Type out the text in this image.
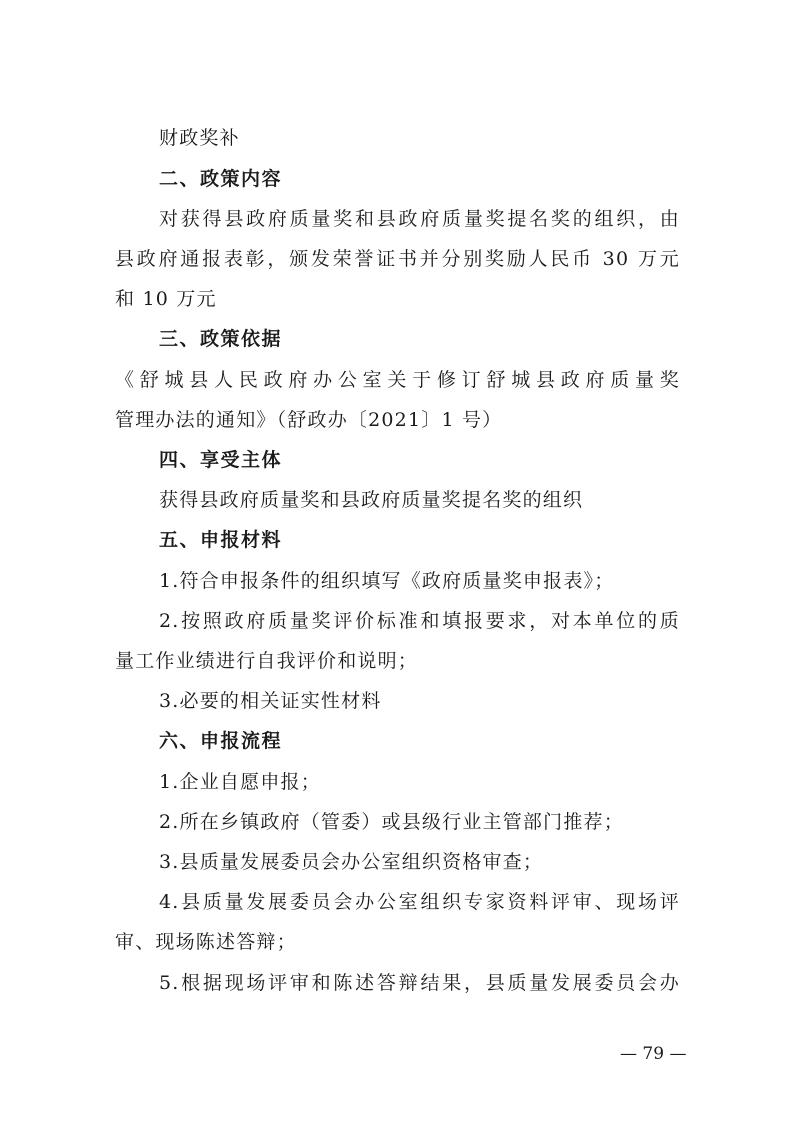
财政奖补
二、政策内容
对获得县政府质量奖和县政府质量奖提名奖的组织，由
县政府通报表彰，颁发荣誉证书并分别奖励人民币 30 万元
和 10 万元
三、政策依据
《舒城县人民政府办公室关于修订舒城县政府质量奖
管理办法的通知》（舒政办〔2021〕1 号）
四、享受主体
获得县政府质量奖和县政府质量奖提名奖的组织
五、申报材料
1.符合申报条件的组织填写《政府质量奖申报表》；
2.按照政府质量奖评价标准和填报要求，对本单位的质
量工作业绩进行自我评价和说明；
3.必要的相关证实性材料
六、申报流程
1.企业自愿申报；
2.所在乡镇政府（管委）或县级行业主管部门推荐；
3.县质量发展委员会办公室组织资格审查；
4.县质量发展委员会办公室组织专家资料评审、现场评
审、现场陈述答辩；
5.根据现场评审和陈述答辩结果，县质量发展委员会办
— 79 —
